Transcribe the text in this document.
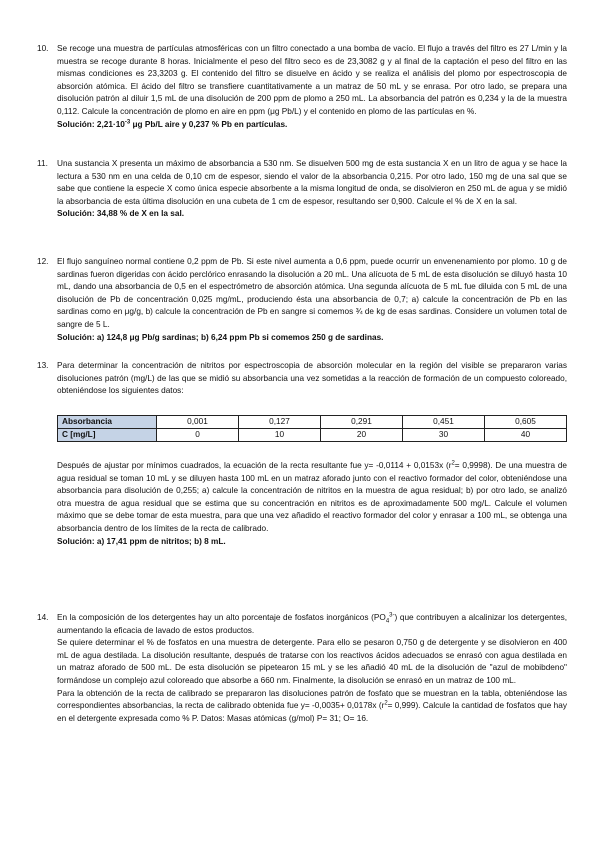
10. Se recoge una muestra de partículas atmosféricas con un filtro conectado a una bomba de vacío. El flujo a través del filtro es 27 L/min y la muestra se recoge durante 8 horas. Inicialmente el peso del filtro seco es de 23,3082 g y al final de la captación el peso del filtro en las mismas condiciones es 23,3203 g. El contenido del filtro se disuelve en ácido y se realiza el análisis del plomo por espectroscopia de absorción atómica. El ácido del filtro se transfiere cuantitativamente a un matraz de 50 mL y se enrasa. Por otro lado, se prepara una disolución patrón al diluir 1,5 mL de una disolución de 200 ppm de plomo a 250 mL. La absorbancia del patrón es 0,234 y la de la muestra 0,112. Calcule la concentración de plomo en aire en ppm (μg Pb/L) y el contenido en plomo de las partículas en %.

Solución: $2,21\cdot 10^{-3}$ μg Pb/L aire y 0,237 % Pb en partículas.

11. Una sustancia X presenta un máximo de absorbancia a 530 nm. Se disuelven 500 mg de esta sustancia X en un litro de agua y se hace la lectura a 530 nm en una celda de 0,10 cm de espesor, siendo el valor de la absorbancia 0,215. Por otro lado, 150 mg de una sal que se sabe que contiene la especie X como única especie absorbente a la misma longitud de onda, se disolvieron en 250 mL de agua y se midió la absorbancia de esta última disolución en una cubeta de 1 cm de espesor, resultando ser 0,900. Calcule el % de X en la sal.

Solución: 34,88 % de X en la sal.

12. El flujo sanguíneo normal contiene 0,2 ppm de Pb. Si este nivel aumenta a 0,6 ppm, puede ocurrir un envenenamiento por plomo. 10 g de sardinas fueron digeridas con ácido perclórico enrasando la disolución a 20 mL. Una alícuota de 5 mL de esta disolución se diluyó hasta 10 mL, dando una absorbancia de 0,5 en el espectrómetro de absorción atómica. Una segunda alícuota de 5 mL fue diluida con 5 mL de una disolución de Pb de concentración 0,025 mg/mL, produciendo ésta una absorbancia de 0,7; a) calcule la concentración de Pb en las sardinas como en μg/g, b) calcule la concentración de Pb en sangre si comemos ¾ de kg de esas sardinas. Considere un volumen total de sangre de 5 L.

Solución: a) 124,8 μg Pb/g sardinas; b) 6,24 ppm Pb si comemos 250 g de sardinas.

13. Para determinar la concentración de nitritos por espectroscopia de absorción molecular en la región del visible se prepararon varias disoluciones patrón (mg/L) de las que se midió su absorbancia una vez sometidas a la reacción de formación de un compuesto coloreado, obteniéndose los siguientes datos:

Absorbancia	0,001	0,127	0,291	0,451	0,605
C [mg/L]	0	10	20	30	40

Después de ajustar por mínimos cuadrados, la ecuación de la recta resultante fue y= -0,0114 + 0,0153x $(r^2= 0,9998)$. De una muestra de agua residual se toman 10 mL y se diluyen hasta 100 mL en un matraz aforado junto con el reactivo formador del color, obteniéndose una absorbancia para disolución de 0,255; a) calcule la concentración de nitritos en la muestra de agua residual; b) por otro lado, se analizó otra muestra de agua residual que se estima que su concentración en nitritos es de aproximadamente 500 mg/L. Calcule el volumen máximo que se debe tomar de esta muestra, para que una vez añadido el reactivo formador del color y enrasar a 100 mL, se obtenga una absorbancia dentro de los límites de la recta de calibrado.

Solución: a) 17,41 ppm de nitritos; b) 8 mL.

14. En la composición de los detergentes hay un alto porcentaje de fosfatos inorgánicos $(PO_4^{3-})$ que contribuyen a alcalinizar los detergentes, aumentando la eficacia de lavado de estos productos.

Se quiere determinar el % de fosfatos en una muestra de detergente. Para ello se pesaron 0,750 g de detergente y se disolvieron en 400 mL de agua destilada. La disolución resultante, después de tratarse con los reactivos ácidos adecuados se enrasó con agua destilada en un matraz aforado de 500 mL. De esta disolución se pipetearon 15 mL y se les añadió 40 mL de la disolución de "azul de mobibdeno" formándose un complejo azul coloreado que absorbe a 660 nm. Finalmente, la disolución se enrasó en un matraz de 100 mL.

Para la obtención de la recta de calibrado se prepararon las disoluciones patrón de fosfato que se muestran en la tabla, obteniéndose las correspondientes absorbancias, la recta de calibrado obtenida fue y= -0,0035+ 0,0178x $(r^2= 0,999)$. Calcule la cantidad de fosfatos que hay en el detergente expresada como % P. Datos: Masas atómicas (g/mol) P= 31; O= 16.
